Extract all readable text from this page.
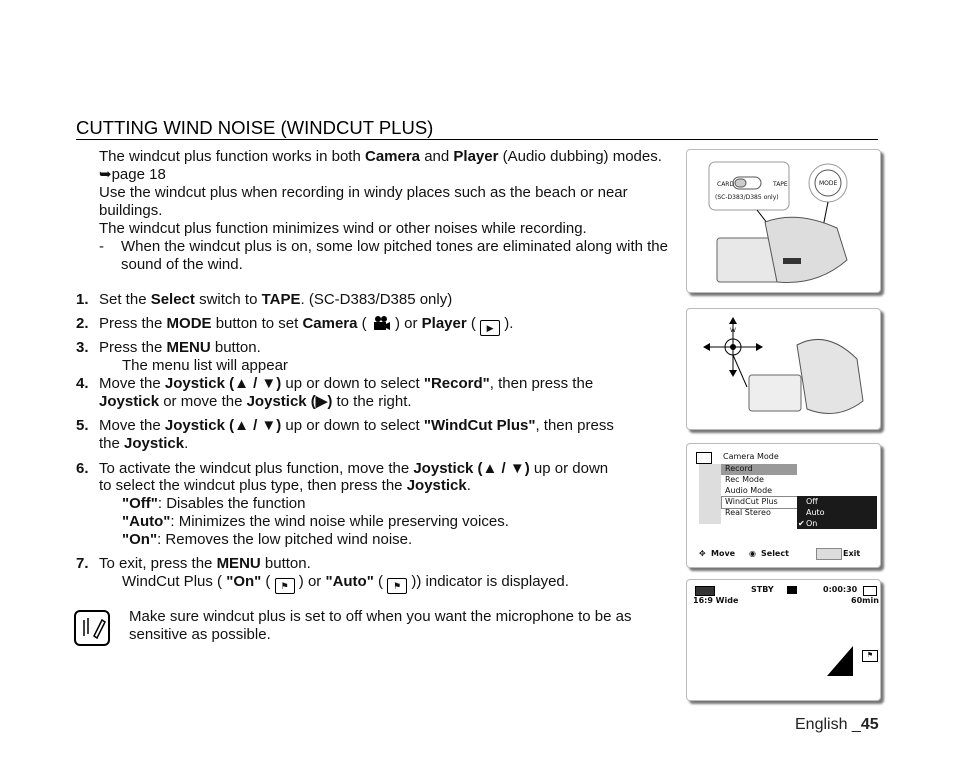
CUTTING WIND NOISE (WINDCUT PLUS)

The windcut plus function works in both Camera and Player (Audio dubbing) modes. ➥page 18

Use the windcut plus when recording in windy places such as the beach or near buildings.

The windcut plus function minimizes wind or other noises while recording.

-	When the windcut plus is on, some low pitched tones are eliminated along with the sound of the wind.
1. Set the Select switch to TAPE. (SC-D383/D385 only)
2. Press the MODE button to set Camera (  ) or Player ( ▶ ).
3. Press the MENU button.
The menu list will appear
4. Move the Joystick (▲ / ▼) up or down to select "Record", then press the
Joystick or move the Joystick (▶) to the right.
5. Move the Joystick (▲ / ▼) up or down to select "WindCut Plus", then press
the Joystick.
6. To activate the windcut plus function, move the Joystick (▲ / ▼) up or down
to select the windcut plus type, then press the Joystick.
"Off": Disables the function
"Auto": Minimizes the wind noise while preserving voices.
"On": Removes the low pitched wind noise.
7. To exit, press the MENU button.
WindCut Plus ( "On" ( ⚑ ) or "Auto" ( ⚑ )) indicator is displayed.
Make sure windcut plus is set to off when you want the microphone to be as sensitive as possible.
CARD	TAPE	MODE
(SC-D383/D385 only)
W
Camera Mode
Record
Rec Mode
Audio Mode
WindCut Plus
Real Stereo
Off
Auto
✔ On
✥ Move ◉ Select	Exit
STBY	0:00:30
16:9 Wide	60min
⚑
English _45
